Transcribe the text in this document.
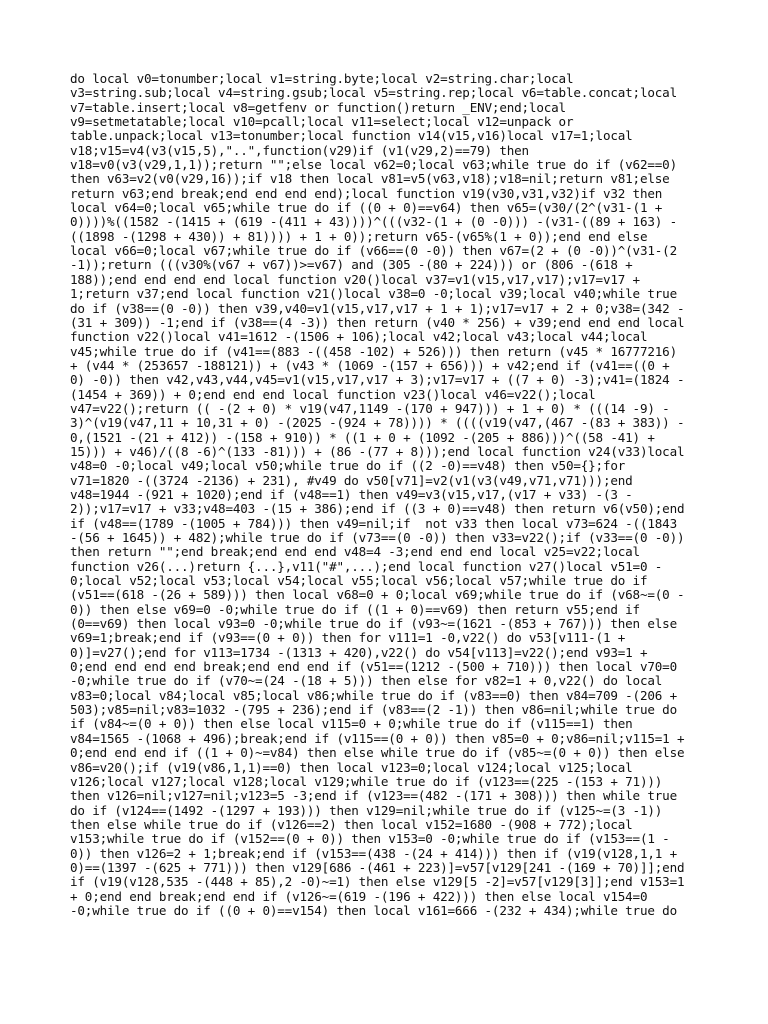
do local v0=tonumber;local v1=string.byte;local v2=string.char;local
v3=string.sub;local v4=string.gsub;local v5=string.rep;local v6=table.concat;local
v7=table.insert;local v8=getfenv or function()return _ENV;end;local
v9=setmetatable;local v10=pcall;local v11=select;local v12=unpack or
table.unpack;local v13=tonumber;local function v14(v15,v16)local v17=1;local
v18;v15=v4(v3(v15,5),"..",function(v29)if (v1(v29,2)==79) then
v18=v0(v3(v29,1,1));return "";else local v62=0;local v63;while true do if (v62==0)
then v63=v2(v0(v29,16));if v18 then local v81=v5(v63,v18);v18=nil;return v81;else
return v63;end break;end end end end);local function v19(v30,v31,v32)if v32 then
local v64=0;local v65;while true do if ((0 + 0)==v64) then v65=(v30/(2^(v31-(1 +
0))))%((1582 -(1415 + (619 -(411 + 43))))^(((v32-(1 + (0 -0))) -(v31-((89 + 163) -
((1898 -(1298 + 430)) + 81)))) + 1 + 0));return v65-(v65%(1 + 0));end end else
local v66=0;local v67;while true do if (v66==(0 -0)) then v67=(2 + (0 -0))^(v31-(2
-1));return (((v30%(v67 + v67))>=v67) and (305 -(80 + 224))) or (806 -(618 +
188));end end end end local function v20()local v37=v1(v15,v17,v17);v17=v17 +
1;return v37;end local function v21()local v38=0 -0;local v39;local v40;while true
do if (v38==(0 -0)) then v39,v40=v1(v15,v17,v17 + 1 + 1);v17=v17 + 2 + 0;v38=(342 -
(31 + 309)) -1;end if (v38==(4 -3)) then return (v40 * 256) + v39;end end end local
function v22()local v41=1612 -(1506 + 106);local v42;local v43;local v44;local
v45;while true do if (v41==(883 -((458 -102) + 526))) then return (v45 * 16777216)
+ (v44 * (253657 -188121)) + (v43 * (1069 -(157 + 656))) + v42;end if (v41==((0 +
0) -0)) then v42,v43,v44,v45=v1(v15,v17,v17 + 3);v17=v17 + ((7 + 0) -3);v41=(1824 -
(1454 + 369)) + 0;end end end local function v23()local v46=v22();local
v47=v22();return (( -(2 + 0) * v19(v47,1149 -(170 + 947))) + 1 + 0) * (((14 -9) -
3)^(v19(v47,11 + 10,31 + 0) -(2025 -(924 + 78)))) * ((((v19(v47,(467 -(83 + 383)) -
0,(1521 -(21 + 412)) -(158 + 910)) * ((1 + 0 + (1092 -(205 + 886)))^((58 -41) +
15))) + v46)/((8 -6)^(133 -81))) + (86 -(77 + 8)));end local function v24(v33)local
v48=0 -0;local v49;local v50;while true do if ((2 -0)==v48) then v50={};for
v71=1820 -((3724 -2136) + 231), #v49 do v50[v71]=v2(v1(v3(v49,v71,v71)));end
v48=1944 -(921 + 1020);end if (v48==1) then v49=v3(v15,v17,(v17 + v33) -(3 -
2));v17=v17 + v33;v48=403 -(15 + 386);end if ((3 + 0)==v48) then return v6(v50);end
if (v48==(1789 -(1005 + 784))) then v49=nil;if  not v33 then local v73=624 -((1843
-(56 + 1645)) + 482);while true do if (v73==(0 -0)) then v33=v22();if (v33==(0 -0))
then return "";end break;end end end v48=4 -3;end end end local v25=v22;local
function v26(...)return {...},v11("#",...);end local function v27()local v51=0 -
0;local v52;local v53;local v54;local v55;local v56;local v57;while true do if
(v51==(618 -(26 + 589))) then local v68=0 + 0;local v69;while true do if (v68~=(0 -
0)) then else v69=0 -0;while true do if ((1 + 0)==v69) then return v55;end if
(0==v69) then local v93=0 -0;while true do if (v93~=(1621 -(853 + 767))) then else
v69=1;break;end if (v93==(0 + 0)) then for v111=1 -0,v22() do v53[v111-(1 +
0)]=v27();end for v113=1734 -(1313 + 420),v22() do v54[v113]=v22();end v93=1 +
0;end end end end break;end end end if (v51==(1212 -(500 + 710))) then local v70=0
-0;while true do if (v70~=(24 -(18 + 5))) then else for v82=1 + 0,v22() do local
v83=0;local v84;local v85;local v86;while true do if (v83==0) then v84=709 -(206 +
503);v85=nil;v83=1032 -(795 + 236);end if (v83==(2 -1)) then v86=nil;while true do
if (v84~=(0 + 0)) then else local v115=0 + 0;while true do if (v115==1) then
v84=1565 -(1068 + 496);break;end if (v115==(0 + 0)) then v85=0 + 0;v86=nil;v115=1 +
0;end end end if ((1 + 0)~=v84) then else while true do if (v85~=(0 + 0)) then else
v86=v20();if (v19(v86,1,1)==0) then local v123=0;local v124;local v125;local
v126;local v127;local v128;local v129;while true do if (v123==(225 -(153 + 71)))
then v126=nil;v127=nil;v123=5 -3;end if (v123==(482 -(171 + 308))) then while true
do if (v124==(1492 -(1297 + 193))) then v129=nil;while true do if (v125~=(3 -1))
then else while true do if (v126==2) then local v152=1680 -(908 + 772);local
v153;while true do if (v152==(0 + 0)) then v153=0 -0;while true do if (v153==(1 -
0)) then v126=2 + 1;break;end if (v153==(438 -(24 + 414))) then if (v19(v128,1,1 +
0)==(1397 -(625 + 771))) then v129[686 -(461 + 223)]=v57[v129[241 -(169 + 70)]];end
if (v19(v128,535 -(448 + 85),2 -0)~=1) then else v129[5 -2]=v57[v129[3]];end v153=1
+ 0;end end break;end end if (v126~=(619 -(196 + 422))) then else local v154=0
-0;while true do if ((0 + 0)==v154) then local v161=666 -(232 + 434);while true do
